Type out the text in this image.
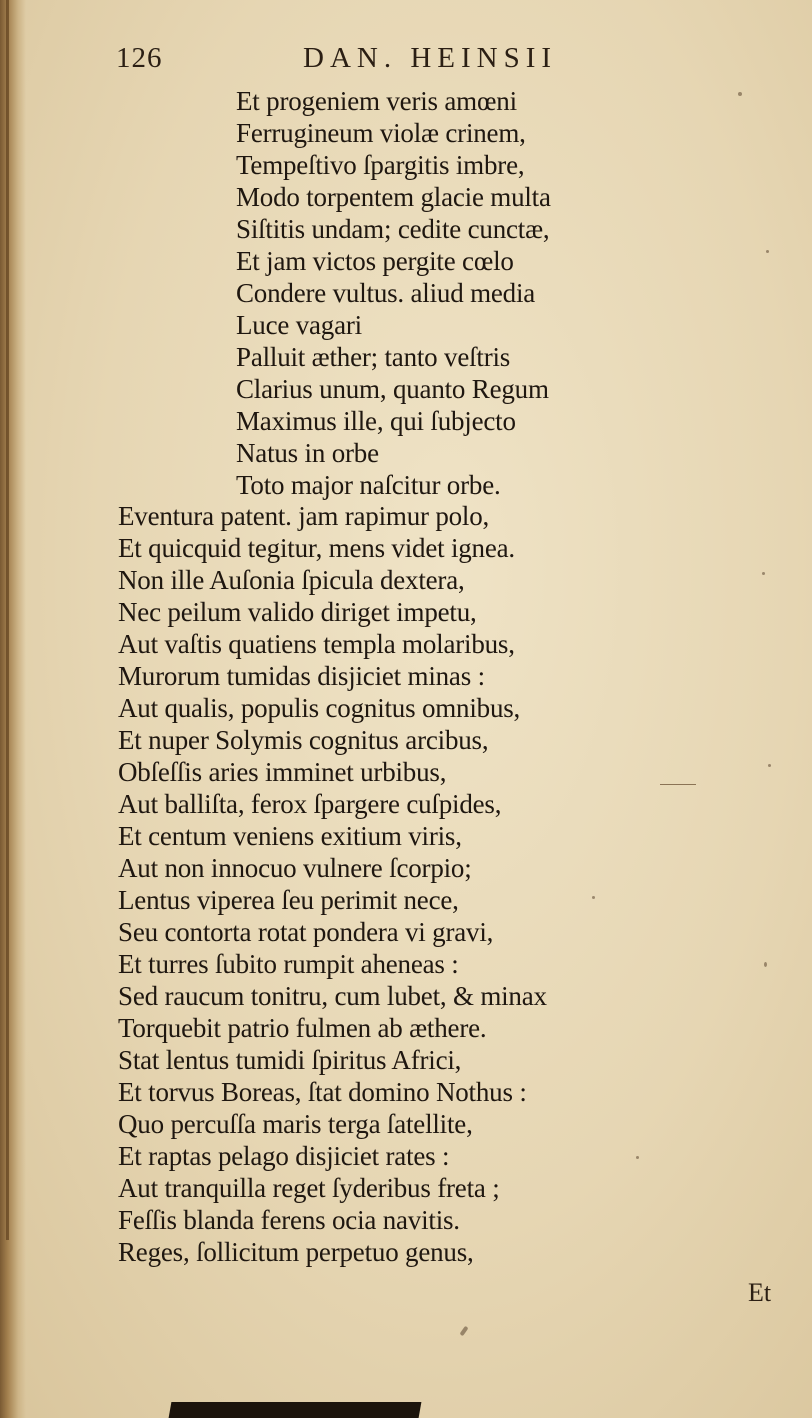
126	DAN. HEINSII
Et progeniem veris amœni
Ferrugineum violæ crinem,
Tempeſtivo ſpargitis imbre,
Modo torpentem glacie multa
Siſtitis undam; cedite cunctæ,
Et jam victos pergite cœlo
Condere vultus. aliud media
Luce vagari
Palluit æther; tanto veſtris
Clarius unum, quanto Regum
Maximus ille, qui ſubjecto
Natus in orbe
Toto major naſcitur orbe.
Eventura patent. jam rapimur polo,
Et quicquid tegitur, mens videt ignea.
Non ille Auſonia ſpicula dextera,
Nec peilum valido diriget impetu,
Aut vaſtis quatiens templa molaribus,
Murorum tumidas disjiciet minas :
Aut qualis, populis cognitus omnibus,
Et nuper Solymis cognitus arcibus,
Obſeſſis aries imminet urbibus,
Aut balliſta, ferox ſpargere cuſpides,
Et centum veniens exitium viris,
Aut non innocuo vulnere ſcorpio;
Lentus viperea ſeu perimit nece,
Seu contorta rotat pondera vi gravi,
Et turres ſubito rumpit aheneas :
Sed raucum tonitru, cum lubet, & minax
Torquebit patrio fulmen ab æthere.
Stat lentus tumidi ſpiritus Africi,
Et torvus Boreas, ſtat domino Nothus :
Quo percuſſa maris terga ſatellite,
Et raptas pelago disjiciet rates :
Aut tranquilla reget ſyderibus freta ;
Feſſis blanda ferens ocia navitis.
Reges, ſollicitum perpetuo genus,
Et
